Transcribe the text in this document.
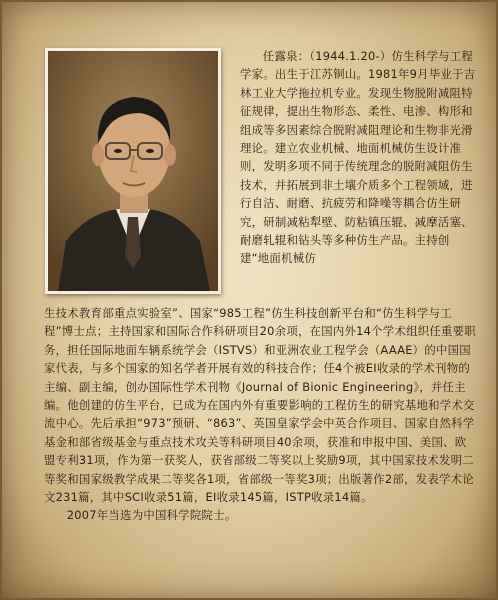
任露泉：（1944.1.20-）仿生科学与工程学家。出生于江苏铜山。1981年9月毕业于吉林工业大学拖拉机专业。发现生物脱附减阻特征规律，提出生物形态、柔性、电渗、构形和组成等多因素综合脱附减阻理论和生物非光滑理论。建立农业机械、地面机械仿生设计准则，发明多项不同于传统理念的脱附减阻仿生技术，并拓展到非土壤介质多个工程领域，进行自洁、耐磨、抗疲劳和降噪等耦合仿生研究，研制减粘犁壁、防粘镇压辊、减摩活塞、耐磨轧辊和钻头等多种仿生产品。主持创建“地面机械仿

生技术教育部重点实验室”、国家“985工程”仿生科技创新平台和“仿生科学与工程”博士点；主持国家和国际合作科研项目20余项，在国内外14个学术组织任重要职务，担任国际地面车辆系统学会（ISTVS）和亚洲农业工程学会（AAAE）的中国国家代表，与多个国家的知名学者开展有效的科技合作；任4个被EI收录的学术刊物的主编、副主编，创办国际性学术刊物《Journal of Bionic Engineering》，并任主编。他创建的仿生平台，已成为在国内外有重要影响的工程仿生的研究基地和学术交流中心。先后承担“973”预研、“863”、英国皇家学会中英合作项目、国家自然科学基金和部省级基金与重点技术攻关等科研项目40余项，获准和申报中国、美国、欧盟专利31项，作为第一获奖人，获省部级二等奖以上奖励9项，其中国家技术发明二等奖和国家级教学成果二等奖各1项，省部级一等奖3项；出版著作2部，发表学术论文231篇，其中SCI收录51篇，EI收录145篇，ISTP收录14篇。

2007年当选为中国科学院院士。
